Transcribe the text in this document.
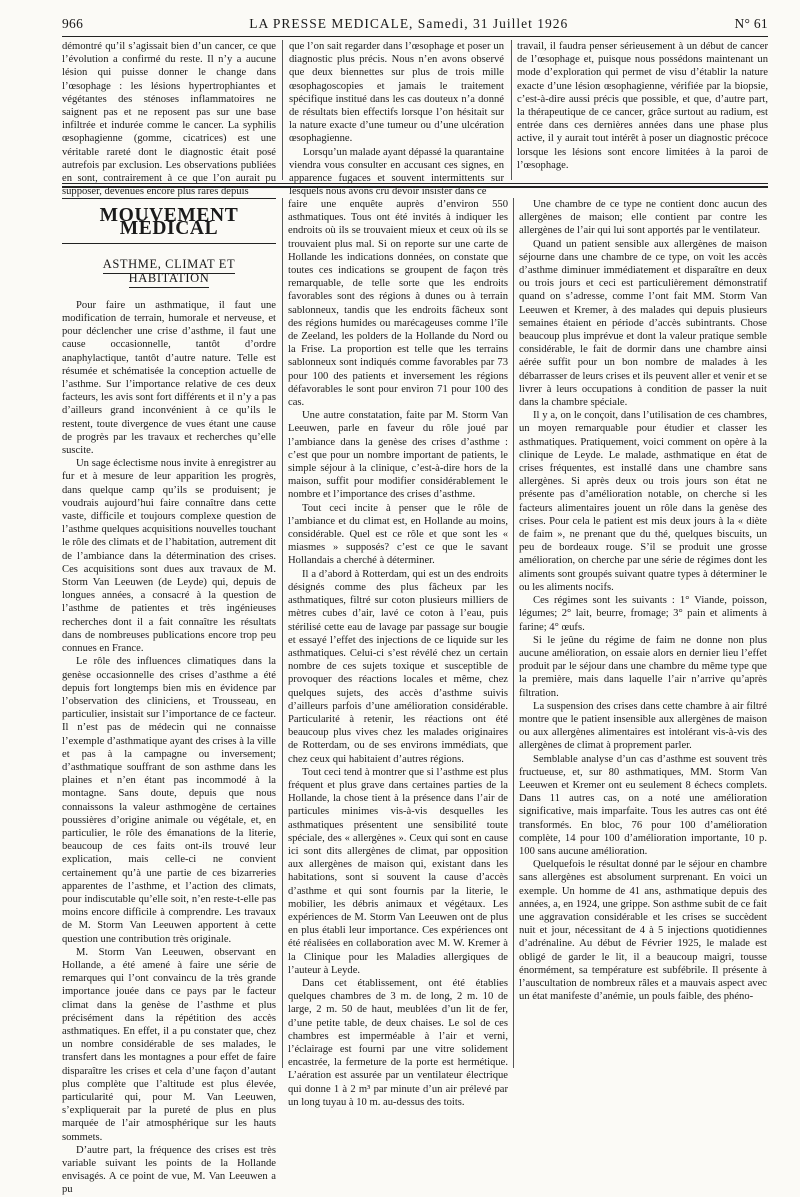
966	LA PRESSE MEDICALE, Samedi, 31 Juillet 1926	N° 61

démontré qu’il s’agissait bien d’un cancer, ce que l’évolution a confirmé du reste. Il n’y a aucune lésion qui puisse donner le change dans l’œsophage : les lésions hypertrophiantes et végétantes des sténoses inflammatoires ne saignent pas et ne reposent pas sur une base infiltrée et indurée comme le cancer. La syphilis œsophagienne (gomme, cicatrices) est une véritable rareté dont le diagnostic était posé autrefois par exclusion. Les observations publiées en sont, contrairement à ce que l’on aurait pu supposer, devenues encore plus rares depuis

que l’on sait regarder dans l’œsophage et poser un diagnostic plus précis. Nous n’en avons observé que deux biennettes sur plus de trois mille œsophagoscopies et jamais le traitement spécifique institué dans les cas douteux n’a donné de résultats bien effectifs lorsque l’on hésitait sur la nature exacte d’une tumeur ou d’une ulcération œsophagienne.

Lorsqu’un malade ayant dépassé la quarantaine viendra vous consulter en accusant ces signes, en apparence fugaces et souvent intermittents sur lesquels nous avons cru devoir insister dans ce

travail, il faudra penser sérieusement à un début de cancer de l’œsophage et, puisque nous possédons maintenant un mode d’exploration qui permet de visu d’établir la nature exacte d’une lésion œsophagienne, vérifiée par la biopsie, c’est-à-dire aussi précis que possible, et que, d’autre part, la thérapeutique de ce cancer, grâce surtout au radium, est entrée dans ces dernières années dans une phase plus active, il y aurait tout intérêt à poser un diagnostic précoce lorsque les lésions sont encore limitées à la paroi de l’œsophage.

MOUVEMENT MÉDICAL
ASTHME, CLIMAT ET HABITATION

Pour faire un asthmatique, il faut une modification de terrain, humorale et nerveuse, et pour déclencher une crise d’asthme, il faut une cause occasionnelle, tantôt d’ordre anaphylactique, tantôt d’autre nature. Telle est résumée et schématisée la conception actuelle de l’asthme. Sur l’importance relative de ces deux facteurs, les avis sont fort différents et il n’y a pas d’ailleurs grand inconvénient à ce qu’ils le restent, toute divergence de vues étant une cause de progrès par les travaux et recherches qu’elle suscite.

Un sage éclectisme nous invite à enregistrer au fur et à mesure de leur apparition les progrès, dans quelque camp qu’ils se produisent; je voudrais aujourd’hui faire connaître dans cette vaste, difficile et toujours complexe question de l’asthme quelques acquisitions nouvelles touchant le rôle des climats et de l’habitation, autrement dit de l’ambiance dans la détermination des crises. Ces acquisitions sont dues aux travaux de M. Storm Van Leeuwen (de Leyde) qui, depuis de longues années, a consacré à la question de l’asthme de patientes et très ingénieuses recherches dont il a fait connaître les résultats dans de nombreuses publications encore trop peu connues en France.

Le rôle des influences climatiques dans la genèse occasionnelle des crises d’asthme a été depuis fort longtemps bien mis en évidence par l’observation des cliniciens, et Trousseau, en particulier, insistait sur l’importance de ce facteur. Il n’est pas de médecin qui ne connaisse l’exemple d’asthmatique ayant des crises à la ville et pas à la campagne ou inversement; d’asthmatique souffrant de son asthme dans les plaines et n’en étant pas incommodé à la montagne. Sans doute, depuis que nous connaissons la valeur asthmogène de certaines poussières d’origine animale ou végétale, et, en particulier, le rôle des émanations de la literie, beaucoup de ces faits ont-ils trouvé leur explication, mais celle-ci ne convient certainement qu’à une partie de ces bizarreries apparentes de l’asthme, et l’action des climats, pour indiscutable qu’elle soit, n’en reste-t-elle pas moins encore difficile à comprendre. Les travaux de M. Storm Van Leeuwen apportent à cette question une contribution très originale.

M. Storm Van Leeuwen, observant en Hollande, a été amené à faire une série de remarques qui l’ont convaincu de la très grande importance jouée dans ce pays par le facteur climat dans la genèse de l’asthme et plus précisément dans la répétition des accès asthmatiques. En effet, il a pu constater que, chez un nombre considérable de ses malades, le transfert dans les montagnes a pour effet de faire disparaître les crises et cela d’une façon d’autant plus complète que l’altitude est plus élevée, particularité qui, pour M. Van Leeuwen, s’expliquerait par la pureté de plus en plus marquée de l’air atmosphérique sur les hauts sommets.

D’autre part, la fréquence des crises est très variable suivant les points de la Hollande envisagés. A ce point de vue, M. Van Leeuwen a pu

faire une enquête auprès d’environ 550 asthmatiques. Tous ont été invités à indiquer les endroits où ils se trouvaient mieux et ceux où ils se trouvaient plus mal. Si on reporte sur une carte de Hollande les indications données, on constate que toutes ces indications se groupent de façon très remarquable, de telle sorte que les endroits favorables sont des régions à dunes ou à terrain sablonneux, tandis que les endroits fâcheux sont des régions humides ou marécageuses comme l’île de Zeeland, les polders de la Hollande du Nord ou la Frise. La proportion est telle que les terrains sablonneux sont indiqués comme favorables par 73 pour 100 des patients et inversement les régions défavorables le sont pour environ 71 pour 100 des cas.

Une autre constatation, faite par M. Storm Van Leeuwen, parle en faveur du rôle joué par l’ambiance dans la genèse des crises d’asthme : c’est que pour un nombre important de patients, le simple séjour à la clinique, c’est-à-dire hors de la maison, suffit pour modifier considérablement le nombre et l’importance des crises d’asthme.

Tout ceci incite à penser que le rôle de l’ambiance et du climat est, en Hollande au moins, considérable. Quel est ce rôle et que sont les « miasmes » supposés? c’est ce que le savant Hollandais a cherché à déterminer.

Il a d’abord à Rotterdam, qui est un des endroits désignés comme des plus fâcheux par les asthmatiques, filtré sur coton plusieurs milliers de mètres cubes d’air, lavé ce coton à l’eau, puis stérilisé cette eau de lavage par passage sur bougie et essayé l’effet des injections de ce liquide sur les asthmatiques. Celui-ci s’est révélé chez un certain nombre de ces sujets toxique et susceptible de provoquer des réactions locales et même, chez quelques sujets, des accès d’asthme suivis d’ailleurs parfois d’une amélioration considérable. Particularité à retenir, les réactions ont été beaucoup plus vives chez les malades originaires de Rotterdam, ou de ses environs immédiats, que chez ceux qui habitaient d’autres régions.

Tout ceci tend à montrer que si l’asthme est plus fréquent et plus grave dans certaines parties de la Hollande, la chose tient à la présence dans l’air de particules minimes vis-à-vis desquelles les asthmatiques présentent une sensibilité toute spéciale, des « allergènes ». Ceux qui sont en cause ici sont dits allergènes de climat, par opposition aux allergènes de maison qui, existant dans les habitations, sont si souvent la cause d’accès d’asthme et qui sont fournis par la literie, le mobilier, les débris animaux et végétaux. Les expériences de M. Storm Van Leeuwen ont de plus en plus établi leur importance. Ces expériences ont été réalisées en collaboration avec M. W. Kremer à la Clinique pour les Maladies allergiques de l’auteur à Leyde.

Dans cet établissement, ont été établies quelques chambres de 3 m. de long, 2 m. 10 de large, 2 m. 50 de haut, meublées d’un lit de fer, d’une petite table, de deux chaises. Le sol de ces chambres est imperméable à l’air et verni, l’éclairage est fourni par une vitre solidement encastrée, la fermeture de la porte est hermétique. L’aération est assurée par un ventilateur électrique qui donne 1 à 2 m³ par minute d’un air prélevé par un long tuyau à 10 m. au-dessus des toits.

Une chambre de ce type ne contient donc aucun des allergènes de maison; elle contient par contre les allergènes de l’air qui lui sont apportés par le ventilateur.

Quand un patient sensible aux allergènes de maison séjourne dans une chambre de ce type, on voit les accès d’asthme diminuer immédiatement et disparaître en deux ou trois jours et ceci est particulièrement démonstratif quand on s’adresse, comme l’ont fait MM. Storm Van Leeuwen et Kremer, à des malades qui depuis plusieurs semaines étaient en période d’accès subintrants. Chose beaucoup plus imprévue et dont la valeur pratique semble considérable, le fait de dormir dans une chambre ainsi aérée suffit pour un bon nombre de malades à les débarrasser de leurs crises et ils peuvent aller et venir et se livrer à leurs occupations à condition de passer la nuit dans la chambre spéciale.

Il y a, on le conçoit, dans l’utilisation de ces chambres, un moyen remarquable pour étudier et classer les asthmatiques. Pratiquement, voici comment on opère à la clinique de Leyde. Le malade, asthmatique en état de crises fréquentes, est installé dans une chambre sans allergènes. Si après deux ou trois jours son état ne présente pas d’amélioration notable, on cherche si les facteurs alimentaires jouent un rôle dans la genèse des crises. Pour cela le patient est mis deux jours à la « diète de faim », ne prenant que du thé, quelques biscuits, un peu de bordeaux rouge. S’il se produit une grosse amélioration, on cherche par une série de régimes dont les aliments sont groupés suivant quatre types à déterminer le ou les aliments nocifs.

Ces régimes sont les suivants : 1° Viande, poisson, légumes; 2° lait, beurre, fromage; 3° pain et aliments à farine; 4° œufs.

Si le jeûne du régime de faim ne donne non plus aucune amélioration, on essaie alors en dernier lieu l’effet produit par le séjour dans une chambre du même type que la première, mais dans laquelle l’air n’arrive qu’après filtration.

La suspension des crises dans cette chambre à air filtré montre que le patient insensible aux allergènes de maison ou aux allergènes alimentaires est intolérant vis-à-vis des allergènes de climat à proprement parler.

Semblable analyse d’un cas d’asthme est souvent très fructueuse, et, sur 80 asthmatiques, MM. Storm Van Leeuwen et Kremer ont eu seulement 8 échecs complets. Dans 11 autres cas, on a noté une amélioration significative, mais imparfaite. Tous les autres cas ont été transformés. En bloc, 76 pour 100 d’amélioration complète, 14 pour 100 d’amélioration importante, 10 p. 100 sans aucune amélioration.

Quelquefois le résultat donné par le séjour en chambre sans allergènes est absolument surprenant. En voici un exemple. Un homme de 41 ans, asthmatique depuis des années, a, en 1924, une grippe. Son asthme subit de ce fait une aggravation considérable et les crises se succèdent nuit et jour, nécessitant de 4 à 5 injections quotidiennes d’adrénaline. Au début de Février 1925, le malade est obligé de garder le lit, il a beaucoup maigri, tousse énormément, sa température est subfébrile. Il présente à l’auscultation de nombreux râles et a mauvais aspect avec un état manifeste d’anémie, un pouls faible, des phéno-
